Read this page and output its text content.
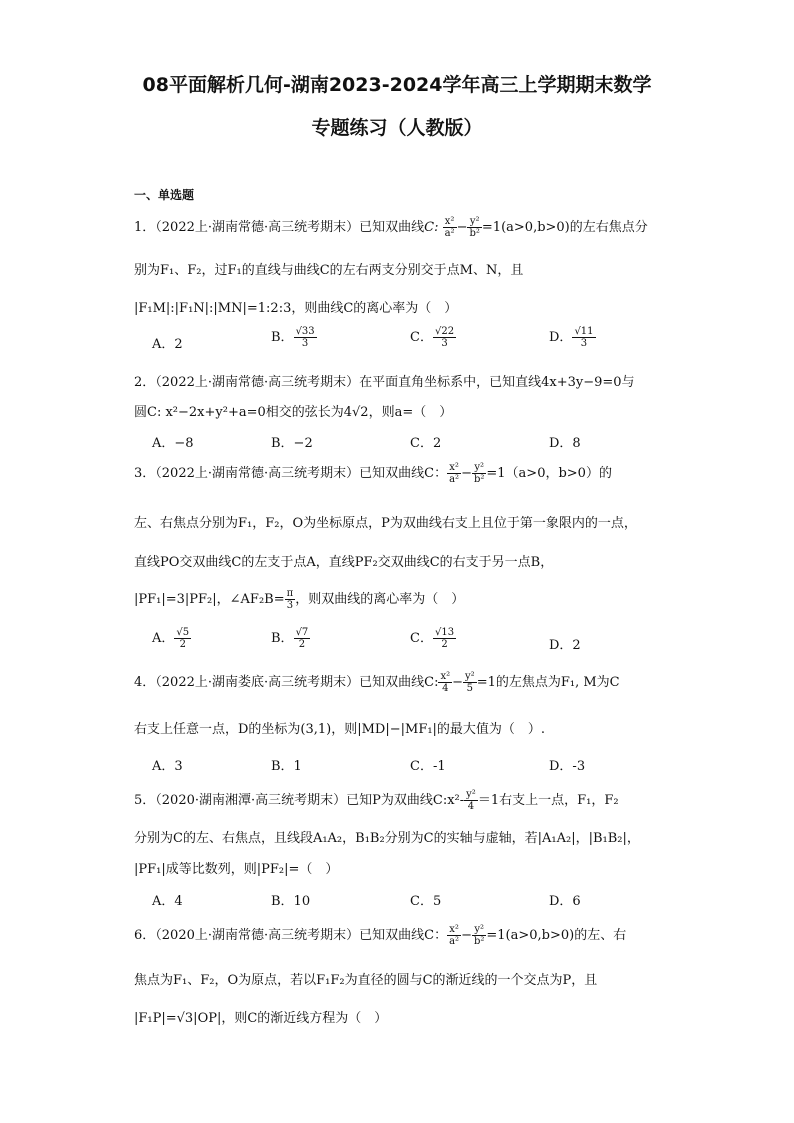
08平面解析几何-湖南2023-2024学年高三上学期期末数学
专题练习（人教版）
一、单选题
1．（2022上·湖南常德·高三统考期末）已知双曲线C: $\frac{\text{x²}}{\text{a²}} - \frac{\text{y²}}{\text{b²}} =1(a>0,b>0)$的左右焦点分
别为F₁、F₂，过F₁的直线与曲线C的左右两支分别交于点M、N，且
|F₁M|:|F₁N|:|MN|=1:2:3，则曲线C的离心率为（　）
A．2	B． $\frac{√33}{3}$	C． $\frac{√22}{3}$	D． $\frac{√11}{3}$
2．（2022上·湖南常德·高三统考期末）在平面直角坐标系中，已知直线4x+3y−9=0与
圆C: x²−2x+y²+a=0相交的弦长为4√2，则a=（　）
A．−8	B．−2	C．2	D．8
3．（2022上·湖南常德·高三统考期末）已知双曲线C： $\frac{\text{x²}}{\text{a²}} - \frac{\text{y²}}{\text{b²}} =1(a>0$，b>0）的
左、右焦点分别为F₁，F₂，O为坐标原点，P为双曲线右支上且位于第一象限内的一点，
直线PO交双曲线C的左支于点A，直线PF₂交双曲线C的右支于另一点B，
|PF₁|=3|PF₂|，∠AF₂B= $\frac{\pi}{3}$ ，则双曲线的离心率为（　）
A． $\frac{√5}{2}$	B． $\frac{√7}{2}$	C． $\frac{√13}{2}$	D．2
4．（2022上·湖南娄底·高三统考期末）已知双曲线C: $\frac{\text{x²}}{4} - \frac{\text{y²}}{5} =1$的左焦点为F₁, M为C
右支上任意一点，D的坐标为(3,1)，则|MD|−|MF₁|的最大值为（　）.
A．3	B．1	C．-1	D．-3
5．（2020·湖南湘潭·高三统考期末）已知P为双曲线C:x²- $\frac{\text{y²}}{4} =1$右支上一点，F₁，F₂
分别为C的左、右焦点，且线段A₁A₂，B₁B₂分别为C的实轴与虚轴，若|A₁A₂|，|B₁B₂|，
|PF₁|成等比数列，则|PF₂|=（　）
A．4	B．10	C．5	D．6
6．（2020上·湖南常德·高三统考期末）已知双曲线C： $\frac{\text{x²}}{\text{a²}} - \frac{\text{y²}}{\text{b²}} =1(a>0,b>0)$的左、右
焦点为F₁、F₂，O为原点，若以F₁F₂为直径的圆与C的渐近线的一个交点为P，且
|F₁P|=√3|OP|，则C的渐近线方程为（　）
